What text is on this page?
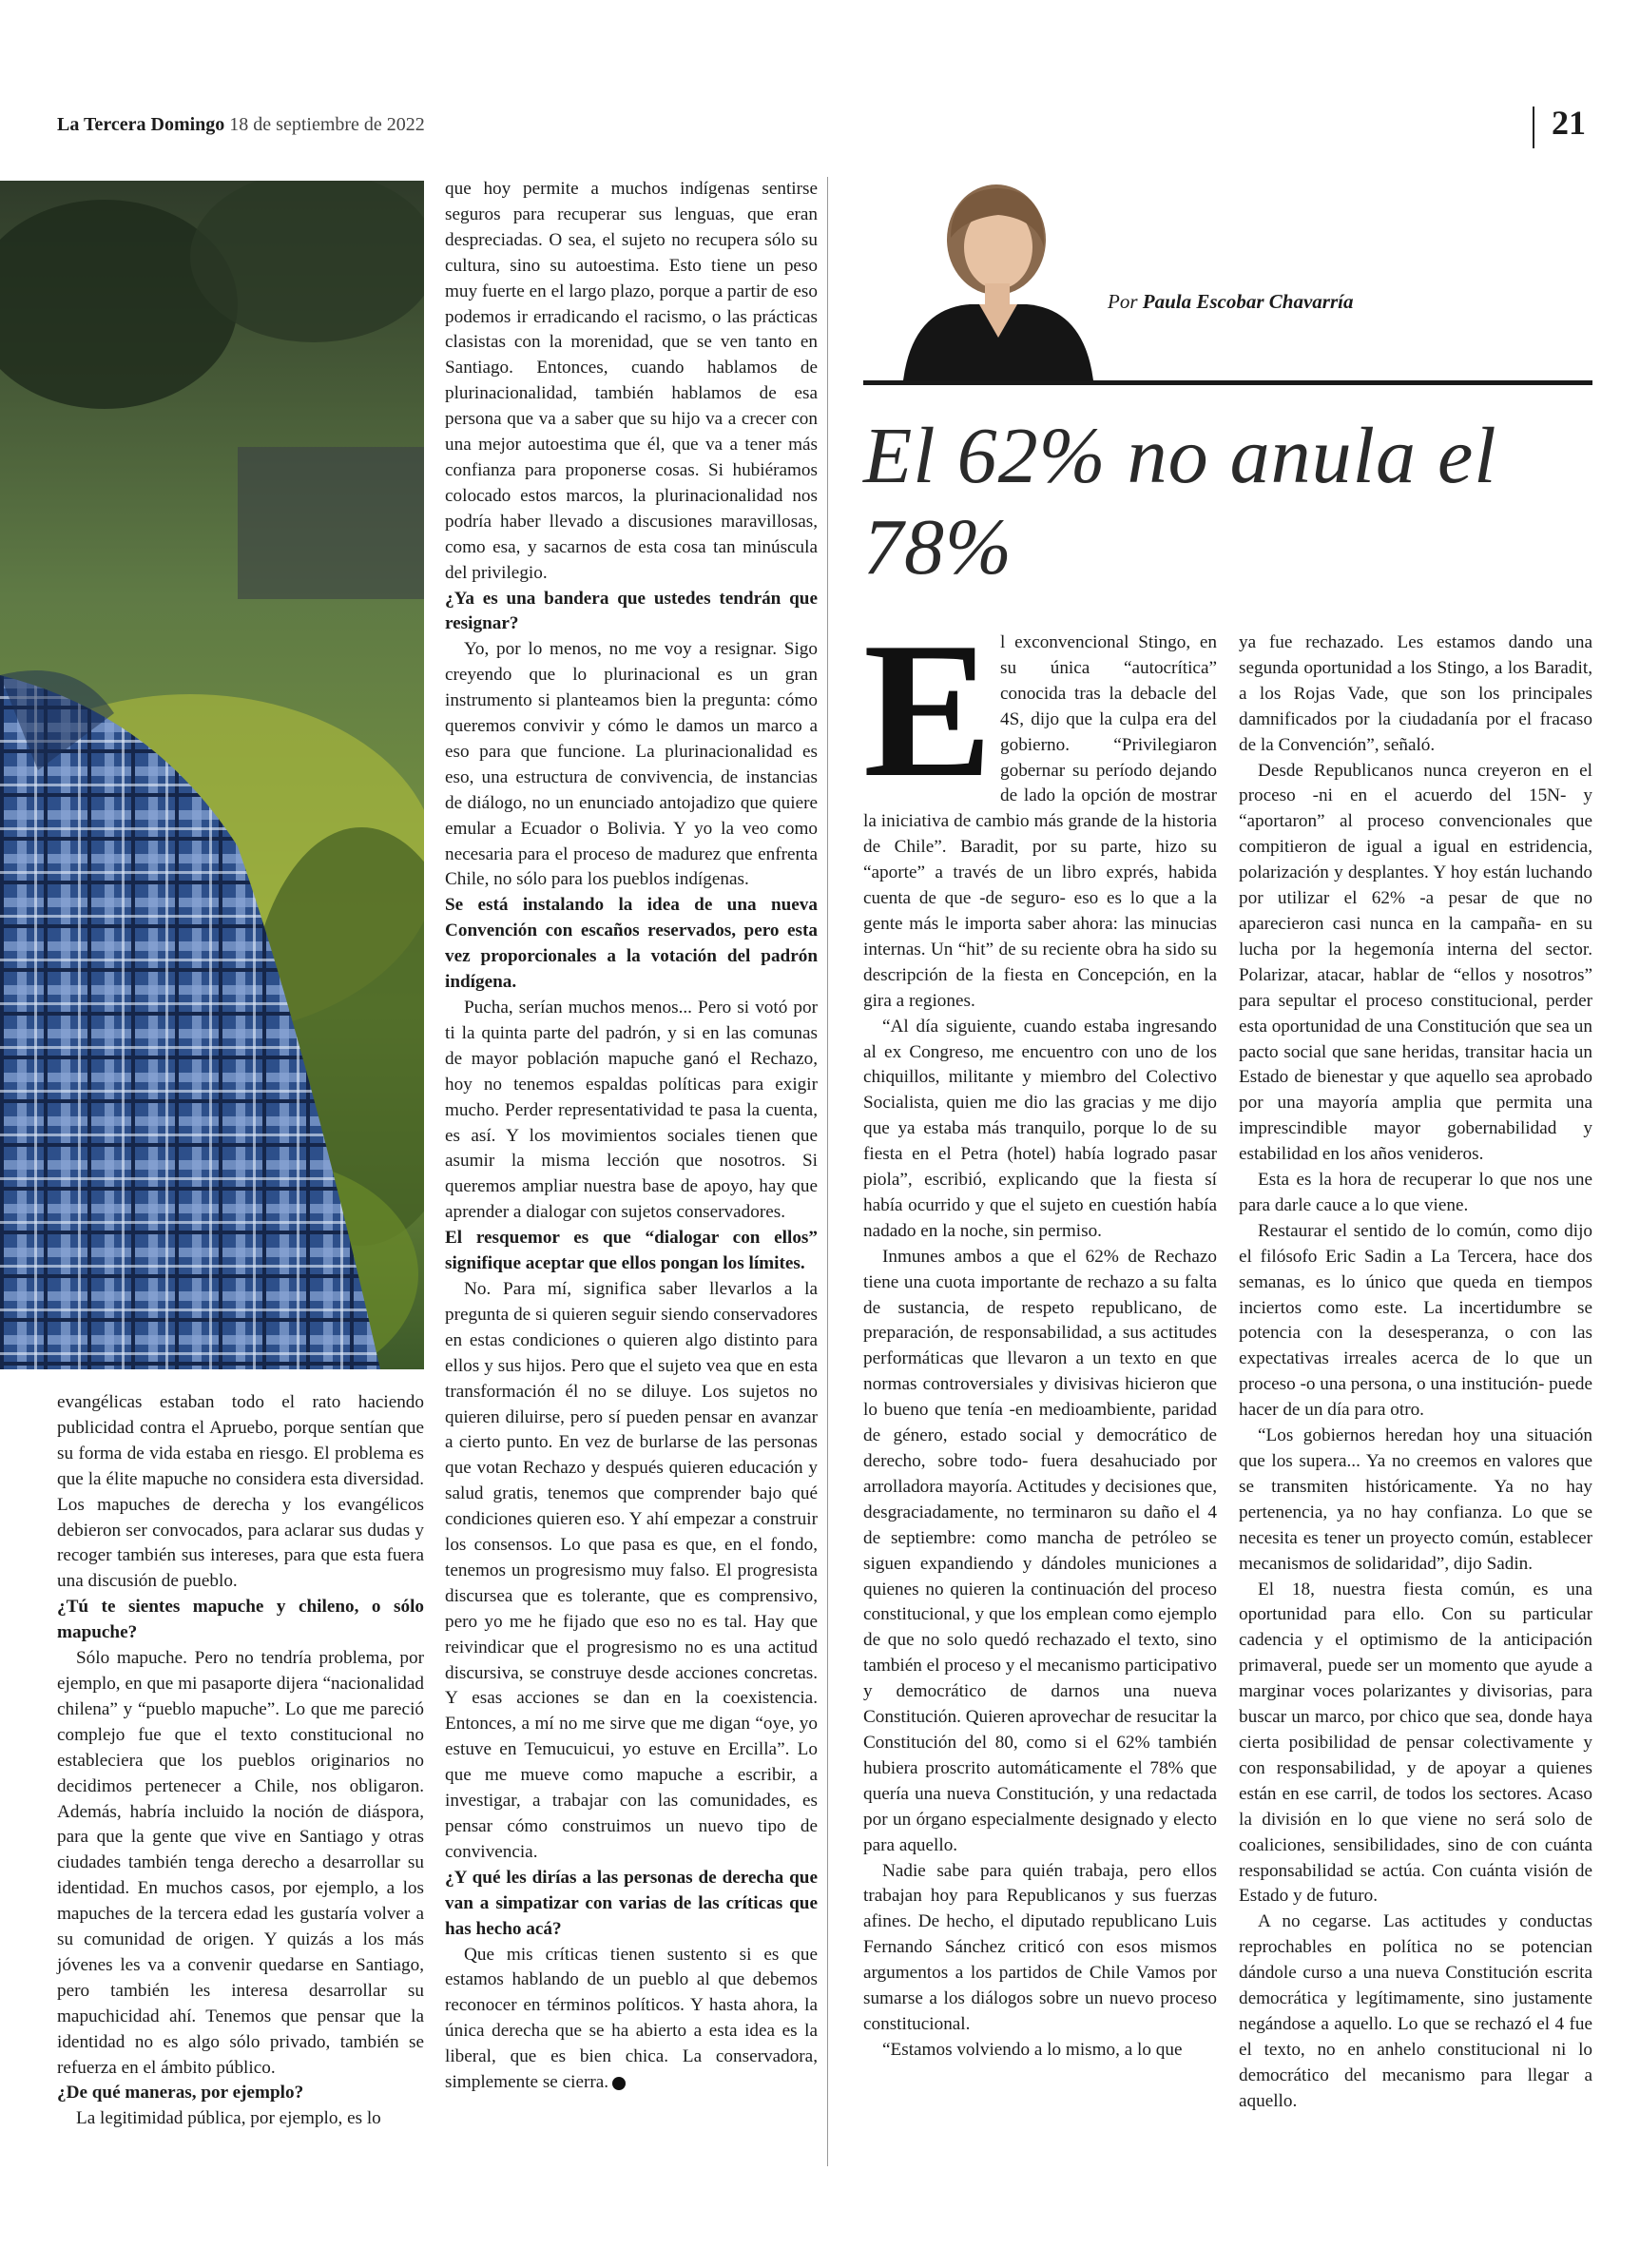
La Tercera Domingo 18 de septiembre de 2022	21

evangélicas estaban todo el rato haciendo publicidad contra el Apruebo, porque sentían que su forma de vida estaba en riesgo. El problema es que la élite mapuche no considera esta diversidad. Los mapuches de derecha y los evangélicos debieron ser convocados, para aclarar sus dudas y recoger también sus intereses, para que esta fuera una discusión de pueblo.

¿Tú te sientes mapuche y chileno, o sólo mapuche?

Sólo mapuche. Pero no tendría problema, por ejemplo, en que mi pasaporte dijera “nacionalidad chilena” y “pueblo mapuche”. Lo que me pareció complejo fue que el texto constitucional no estableciera que los pueblos originarios no decidimos pertenecer a Chile, nos obligaron. Además, habría incluido la noción de diáspora, para que la gente que vive en Santiago y otras ciudades también tenga derecho a desarrollar su identidad. En muchos casos, por ejemplo, a los mapuches de la tercera edad les gustaría volver a su comunidad de origen. Y quizás a los más jóvenes les va a convenir quedarse en Santiago, pero también les interesa desarrollar su mapuchicidad ahí. Tenemos que pensar que la identidad no es algo sólo privado, también se refuerza en el ámbito público.

¿De qué maneras, por ejemplo?

La legitimidad pública, por ejemplo, es lo

que hoy permite a muchos indígenas sentirse seguros para recuperar sus lenguas, que eran despreciadas. O sea, el sujeto no recupera sólo su cultura, sino su autoestima. Esto tiene un peso muy fuerte en el largo plazo, porque a partir de eso podemos ir erradicando el racismo, o las prácticas clasistas con la morenidad, que se ven tanto en Santiago. Entonces, cuando hablamos de plurinacionalidad, también hablamos de esa persona que va a saber que su hijo va a crecer con una mejor autoestima que él, que va a tener más confianza para proponerse cosas. Si hubiéramos colocado estos marcos, la plurinacionalidad nos podría haber llevado a discusiones maravillosas, como esa, y sacarnos de esta cosa tan minúscula del privilegio.

¿Ya es una bandera que ustedes tendrán que resignar?

Yo, por lo menos, no me voy a resignar. Sigo creyendo que lo plurinacional es un gran instrumento si planteamos bien la pregunta: cómo queremos convivir y cómo le damos un marco a eso para que funcione. La plurinacionalidad es eso, una estructura de convivencia, de instancias de diálogo, no un enunciado antojadizo que quiere emular a Ecuador o Bolivia. Y yo la veo como necesaria para el proceso de madurez que enfrenta Chile, no sólo para los pueblos indígenas.

Se está instalando la idea de una nueva Convención con escaños reservados, pero esta vez proporcionales a la votación del padrón indígena.

Pucha, serían muchos menos... Pero si votó por ti la quinta parte del padrón, y si en las comunas de mayor población mapuche ganó el Rechazo, hoy no tenemos espaldas políticas para exigir mucho. Perder representatividad te pasa la cuenta, es así. Y los movimientos sociales tienen que asumir la misma lección que nosotros. Si queremos ampliar nuestra base de apoyo, hay que aprender a dialogar con sujetos conservadores.

El resquemor es que “dialogar con ellos” signifique aceptar que ellos pongan los límites.

No. Para mí, significa saber llevarlos a la pregunta de si quieren seguir siendo conservadores en estas condiciones o quieren algo distinto para ellos y sus hijos. Pero que el sujeto vea que en esta transformación él no se diluye. Los sujetos no quieren diluirse, pero sí pueden pensar en avanzar a cierto punto. En vez de burlarse de las personas que votan Rechazo y después quieren educación y salud gratis, tenemos que comprender bajo qué condiciones quieren eso. Y ahí empezar a construir los consensos. Lo que pasa es que, en el fondo, tenemos un progresismo muy falso. El progresista discursea que es tolerante, que es comprensivo, pero yo me he fijado que eso no es tal. Hay que reivindicar que el progresismo no es una actitud discursiva, se construye desde acciones concretas. Y esas acciones se dan en la coexistencia. Entonces, a mí no me sirve que me digan “oye, yo estuve en Temucuicui, yo estuve en Ercilla”. Lo que me mueve como mapuche a escribir, a investigar, a trabajar con las comunidades, es pensar cómo construimos un nuevo tipo de convivencia.

¿Y qué les dirías a las personas de derecha que van a simpatizar con varias de las críticas que has hecho acá?

Que mis críticas tienen sustento si es que estamos hablando de un pueblo al que debemos reconocer en términos políticos. Y hasta ahora, la única derecha que se ha abierto a esta idea es la liberal, que es bien chica. La conservadora, simplemente se cierra.

Por Paula Escobar Chavarría
El 62% no anula el 78%

El exconvencional Stingo, en su única “autocrítica” conocida tras la debacle del 4S, dijo que la culpa era del gobierno. “Privilegiaron gobernar su período dejando de lado la opción de mostrar la iniciativa de cambio más grande de la historia de Chile”. Baradit, por su parte, hizo su “aporte” a través de un libro exprés, habida cuenta de que -de seguro- eso es lo que a la gente más le importa saber ahora: las minucias internas. Un “hit” de su reciente obra ha sido su descripción de la fiesta en Concepción, en la gira a regiones.

“Al día siguiente, cuando estaba ingresando al ex Congreso, me encuentro con uno de los chiquillos, militante y miembro del Colectivo Socialista, quien me dio las gracias y me dijo que ya estaba más tranquilo, porque lo de su fiesta en el Petra (hotel) había logrado pasar piola”, escribió, explicando que la fiesta sí había ocurrido y que el sujeto en cuestión había nadado en la noche, sin permiso.

Inmunes ambos a que el 62% de Rechazo tiene una cuota importante de rechazo a su falta de sustancia, de respeto republicano, de preparación, de responsabilidad, a sus actitudes performáticas que llevaron a un texto en que normas controversiales y divisivas hicieron que lo bueno que tenía -en medioambiente, paridad de género, estado social y democrático de derecho, sobre todo- fuera desahuciado por arrolladora mayoría. Actitudes y decisiones que, desgraciadamente, no terminaron su daño el 4 de septiembre: como mancha de petróleo se siguen expandiendo y dándoles municiones a quienes no quieren la continuación del proceso constitucional, y que los emplean como ejemplo de que no solo quedó rechazado el texto, sino también el proceso y el mecanismo participativo y democrático de darnos una nueva Constitución. Quieren aprovechar de resucitar la Constitución del 80, como si el 62% también hubiera proscrito automáticamente el 78% que quería una nueva Constitución, y una redactada por un órgano especialmente designado y electo para aquello.

Nadie sabe para quién trabaja, pero ellos trabajan hoy para Republicanos y sus fuerzas afines. De hecho, el diputado republicano Luis Fernando Sánchez criticó con esos mismos argumentos a los partidos de Chile Vamos por sumarse a los diálogos sobre un nuevo proceso constitucional.

“Estamos volviendo a lo mismo, a lo que

ya fue rechazado. Les estamos dando una segunda oportunidad a los Stingo, a los Baradit, a los Rojas Vade, que son los principales damnificados por la ciudadanía por el fracaso de la Convención”, señaló.

Desde Republicanos nunca creyeron en el proceso -ni en el acuerdo del 15N- y “aportaron” al proceso convencionales que compitieron de igual a igual en estridencia, polarización y desplantes. Y hoy están luchando por utilizar el 62% -a pesar de que no aparecieron casi nunca en la campaña- en su lucha por la hegemonía interna del sector. Polarizar, atacar, hablar de “ellos y nosotros” para sepultar el proceso constitucional, perder esta oportunidad de una Constitución que sea un pacto social que sane heridas, transitar hacia un Estado de bienestar y que aquello sea aprobado por una mayoría amplia que permita una imprescindible mayor gobernabilidad y estabilidad en los años venideros.

Esta es la hora de recuperar lo que nos une para darle cauce a lo que viene.

Restaurar el sentido de lo común, como dijo el filósofo Eric Sadin a La Tercera, hace dos semanas, es lo único que queda en tiempos inciertos como este. La incertidumbre se potencia con la desesperanza, o con las expectativas irreales acerca de lo que un proceso -o una persona, o una institución- puede hacer de un día para otro.

“Los gobiernos heredan hoy una situación que los supera... Ya no creemos en valores que se transmiten históricamente. Ya no hay pertenencia, ya no hay confianza. Lo que se necesita es tener un proyecto común, establecer mecanismos de solidaridad”, dijo Sadin.

El 18, nuestra fiesta común, es una oportunidad para ello. Con su particular cadencia y el optimismo de la anticipación primaveral, puede ser un momento que ayude a marginar voces polarizantes y divisorias, para buscar un marco, por chico que sea, donde haya cierta posibilidad de pensar colectivamente y con responsabilidad, y de apoyar a quienes están en ese carril, de todos los sectores. Acaso la división en lo que viene no será solo de coaliciones, sensibilidades, sino de con cuánta responsabilidad se actúa. Con cuánta visión de Estado y de futuro.

A no cegarse. Las actitudes y conductas reprochables en política no se potencian dándole curso a una nueva Constitución escrita democrática y legítimamente, sino justamente negándose a aquello. Lo que se rechazó el 4 fue el texto, no en anhelo constitucional ni lo democrático del mecanismo para llegar a aquello.
